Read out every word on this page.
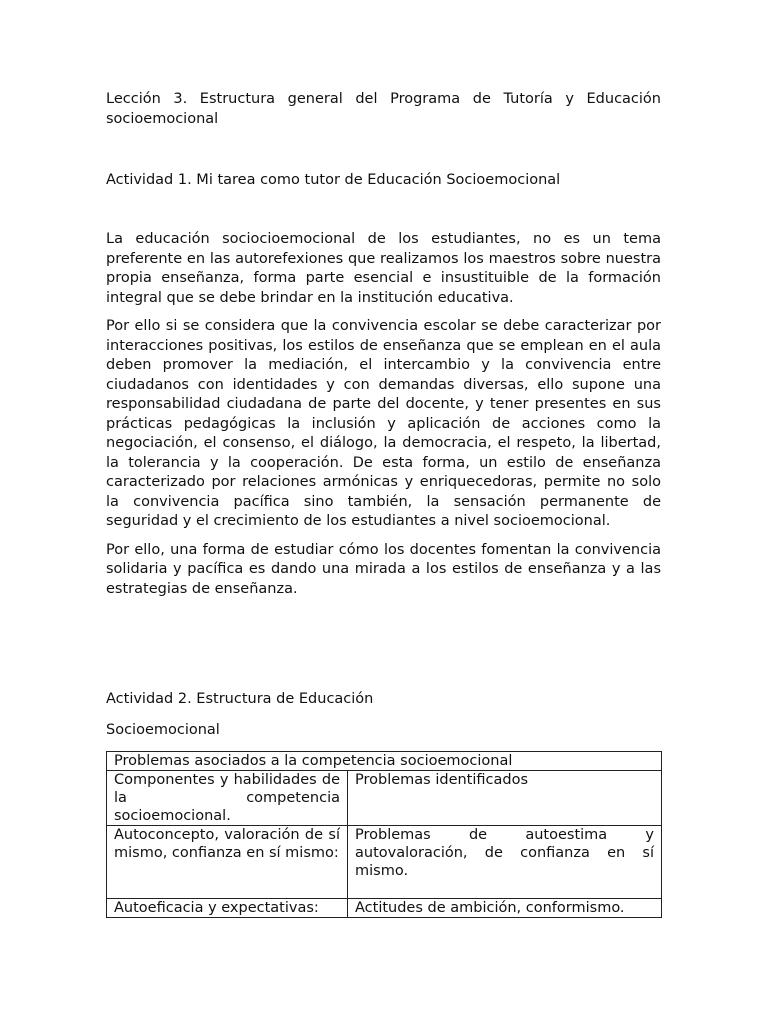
Lección 3. Estructura general del Programa de Tutoría y Educación socioemocional

Actividad 1. Mi tarea como tutor de Educación Socioemocional

La educación sociocioemocional de los estudiantes, no es un tema preferente en las autorefexiones que realizamos los maestros sobre nuestra propia enseñanza, forma parte esencial e insustituible de la formación integral que se debe brindar en la institución educativa.

Por ello si se considera que la convivencia escolar se debe caracterizar por interacciones positivas, los estilos de enseñanza que se emplean en el aula deben promover la mediación, el intercambio y la convivencia entre ciudadanos con identidades y con demandas diversas, ello supone una responsabilidad ciudadana de parte del docente, y tener presentes en sus prácticas pedagógicas la inclusión y aplicación de acciones como la negociación, el consenso, el diálogo, la democracia, el respeto, la libertad, la tolerancia y la cooperación. De esta forma, un estilo de enseñanza caracterizado por relaciones armónicas y enriquecedoras, permite no solo la convivencia pacífica sino también, la sensación permanente de seguridad y el crecimiento de los estudiantes a nivel socioemocional.

Por ello, una forma de estudiar cómo los docentes fomentan la convivencia solidaria y pacífica es dando una mirada a los estilos de enseñanza y a las estrategias de enseñanza.

Actividad 2. Estructura de Educación

Socioemocional

Problemas asociados a la competencia socioemocional	
Componentes y habilidades de la competencia socioemocional.	Problemas identificados
Autoconcepto, valoración de sí mismo, confianza en sí mismo:	Problemas de autoestima y autovaloración, de confianza en sí mismo.
Autoeficacia y expectativas:	Actitudes de ambición, conformismo.
